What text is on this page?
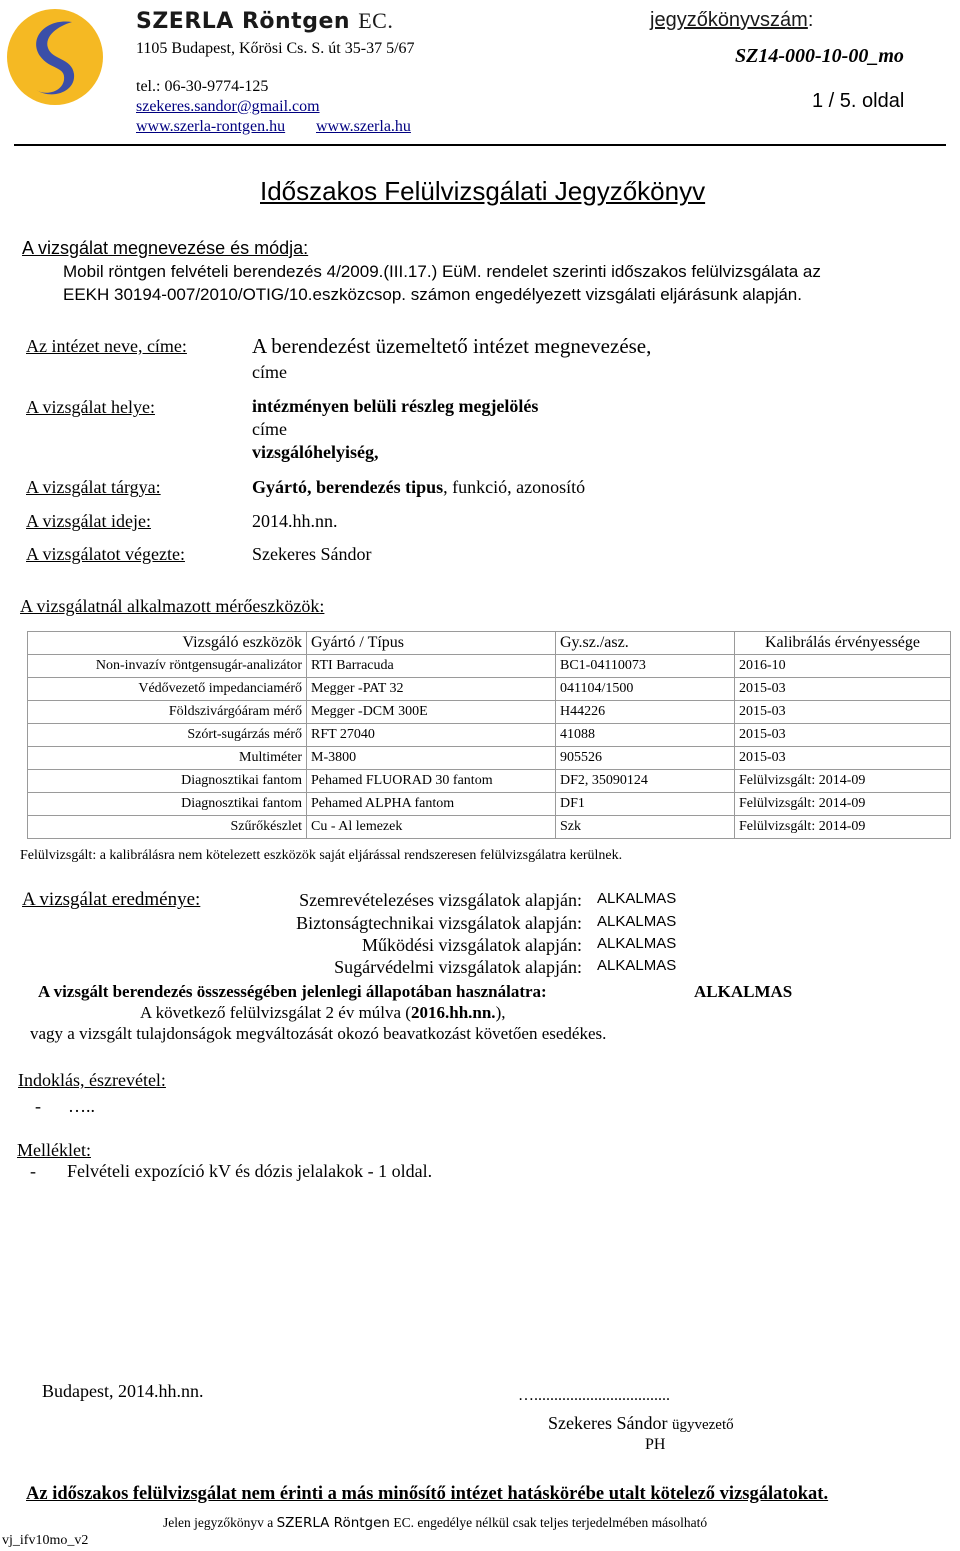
SZERLA Röntgen EC.
1105 Budapest, Kőrösi Cs. S. út 35-37 5/67
tel.: 06-30-9774-125
szekeres.sandor@gmail.com
www.szerla-rontgen.hu www.szerla.hu
jegyzőkönyvszám:
SZ14-000-10-00_mo
1 / 5. oldal
Időszakos Felülvizsgálati Jegyzőkönyv
A vizsgálat megnevezése és módja:
Mobil röntgen felvételi berendezés 4/2009.(III.17.) EüM. rendelet szerinti időszakos felülvizsgálata az
EEKH 30194-007/2010/OTIG/10.eszközcsop. számon engedélyezett vizsgálati eljárásunk alapján.
Az intézet neve, címe:	A berendezést üzemeltető intézet megnevezése,
címe
A vizsgálat helye:	intézményen belüli részleg megjelölés
címe
vizsgálóhelyiség,
A vizsgálat tárgya:	Gyártó, berendezés tipus, funkció, azonosító
A vizsgálat ideje:	2014.hh.nn.
A vizsgálatot végezte:	Szekeres Sándor
A vizsgálatnál alkalmazott mérőeszközök:
Vizsgáló eszközök	Gyártó / Típus	Gy.sz./asz.	Kalibrálás érvényessége
Non-invazív röntgensugár-analizátor	RTI Barracuda	BC1-04110073	2016-10
Védővezető impedanciamérő	Megger -PAT 32	041104/1500	2015-03
Földszivárgóáram mérő	Megger -DCM 300E	H44226	2015-03
Szórt-sugárzás mérő	RFT 27040	41088	2015-03
Multiméter	M-3800	905526	2015-03
Diagnosztikai fantom	Pehamed FLUORAD 30 fantom	DF2, 35090124	Felülvizsgált: 2014-09
Diagnosztikai fantom	Pehamed ALPHA fantom	DF1	Felülvizsgált: 2014-09
Szűrőkészlet	Cu - Al lemezek	Szk	Felülvizsgált: 2014-09
Felülvizsgált: a kalibrálásra nem kötelezett eszközök saját eljárással rendszeresen felülvizsgálatra kerülnek.
A vizsgálat eredménye:	Szemrevételezéses vizsgálatok alapján: ALKALMAS
Biztonságtechnikai vizsgálatok alapján: ALKALMAS
Működési vizsgálatok alapján: ALKALMAS
Sugárvédelmi vizsgálatok alapján: ALKALMAS
A vizsgált berendezés összességében jelenlegi állapotában használatra:	ALKALMAS
A következő felülvizsgálat 2 év múlva (2016.hh.nn.),
vagy a vizsgált tulajdonságok megváltozását okozó beavatkozást követően esedékes.
Indoklás, észrevétel:
- …..
Melléklet:
- Felvételi expozíció kV és dózis jelalakok - 1 oldal.
Budapest, 2014.hh.nn.	…..................................
Szekeres Sándor ügyvezető
PH
Az időszakos felülvizsgálat nem érinti a más minősítő intézet hatáskörébe utalt kötelező vizsgálatokat.
Jelen jegyzőkönyv a SZERLA Röntgen EC. engedélye nélkül csak teljes terjedelmében másolható
vj_ifv10mo_v2
